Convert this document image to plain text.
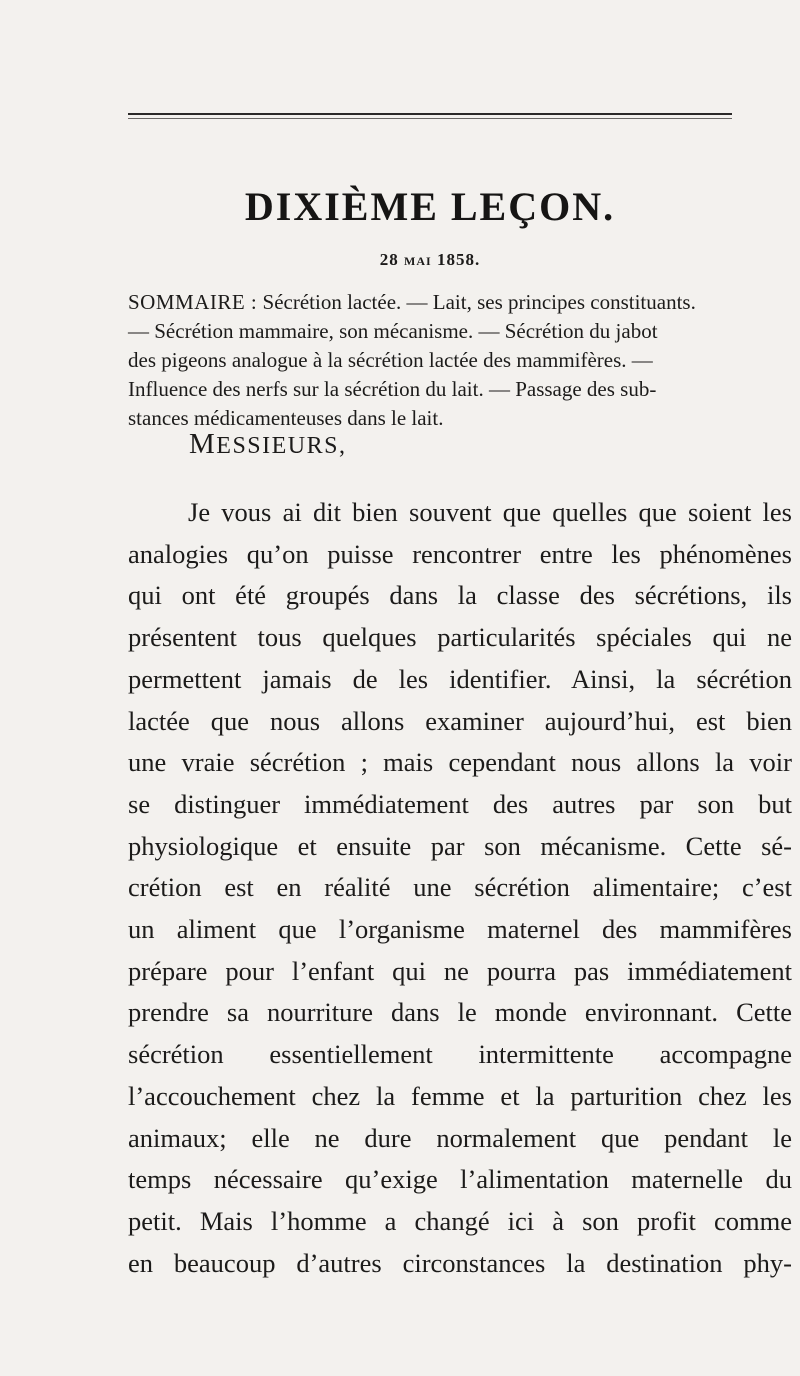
DIXIÈME LEÇON.
28 MAI 1858.
SOMMAIRE : Sécrétion lactée. — Lait, ses principes constituants.
— Sécrétion mammaire, son mécanisme. — Sécrétion du jabot
des pigeons analogue à la sécrétion lactée des mammifères. —
Influence des nerfs sur la sécrétion du lait. — Passage des sub-
stances médicamenteuses dans le lait.
MESSIEURS,
Je vous ai dit bien souvent que quelles que soient les
analogies qu’on puisse rencontrer entre les phénomènes
qui ont été groupés dans la classe des sécrétions, ils
présentent tous quelques particularités spéciales qui ne
permettent jamais de les identifier. Ainsi, la sécrétion
lactée que nous allons examiner aujourd’hui, est bien
une vraie sécrétion ; mais cependant nous allons la voir
se distinguer immédiatement des autres par son but
physiologique et ensuite par son mécanisme. Cette sé-
crétion est en réalité une sécrétion alimentaire; c’est
un aliment que l’organisme maternel des mammifères
prépare pour l’enfant qui ne pourra pas immédiatement
prendre sa nourriture dans le monde environnant. Cette
sécrétion essentiellement intermittente accompagne
l’accouchement chez la femme et la parturition chez les
animaux; elle ne dure normalement que pendant le
temps nécessaire qu’exige l’alimentation maternelle du
petit. Mais l’homme a changé ici à son profit comme
en beaucoup d’autres circonstances la destination phy-
